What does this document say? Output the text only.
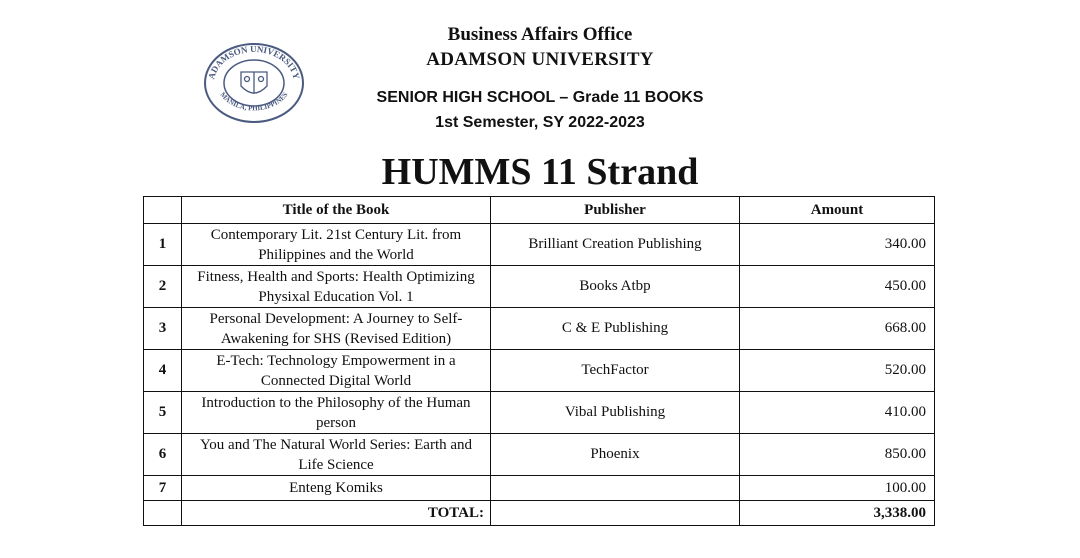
ADAMSON UNIVERSITY
MANILA, PHILIPPINES
Business Affairs Office
ADAMSON UNIVERSITY
SENIOR HIGH SCHOOL – Grade 11 BOOKS
1st Semester, SY 2022-2023
HUMMS 11 Strand
	Title of the Book	Publisher	Amount
1	Contemporary Lit. 21st Century Lit. from Philippines and the World	Brilliant Creation Publishing	340.00
2	Fitness, Health and Sports: Health Optimizing Physixal Education Vol. 1	Books Atbp	450.00
3	Personal Development: A Journey to Self-Awakening for SHS (Revised Edition)	C & E Publishing	668.00
4	E-Tech: Technology Empowerment in a Connected Digital World	TechFactor	520.00
5	Introduction to the Philosophy of the Human person	Vibal Publishing	410.00
6	You and The Natural World Series: Earth and Life Science	Phoenix	850.00
7	Enteng Komiks		100.00
	TOTAL:		3,338.00
